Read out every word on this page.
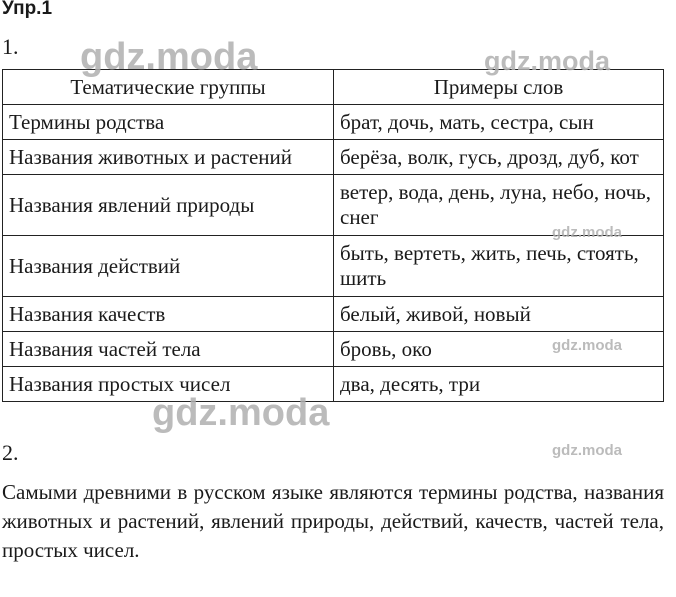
Упр.1
1.
Тематические группы	Примеры слов
Термины родства	брат, дочь, мать, сестра, сын
Названия животных и растений	берёза, волк, гусь, дрозд, дуб, кот
Названия явлений природы	ветер, вода, день, луна, небо, ночь, снег
Названия действий	быть, вертеть, жить, печь, стоять, шить
Названия качеств	белый, живой, новый
Названия частей тела	бровь, око
Названия простых чисел	два, десять, три
2.
Самыми древними в русском языке являются термины родства, названия животных и растений, явлений природы, действий, качеств, частей тела, простых чисел.
gdz.moda	gdz.moda
gdz.moda
gdz.moda
gdz.moda
gdz.moda
